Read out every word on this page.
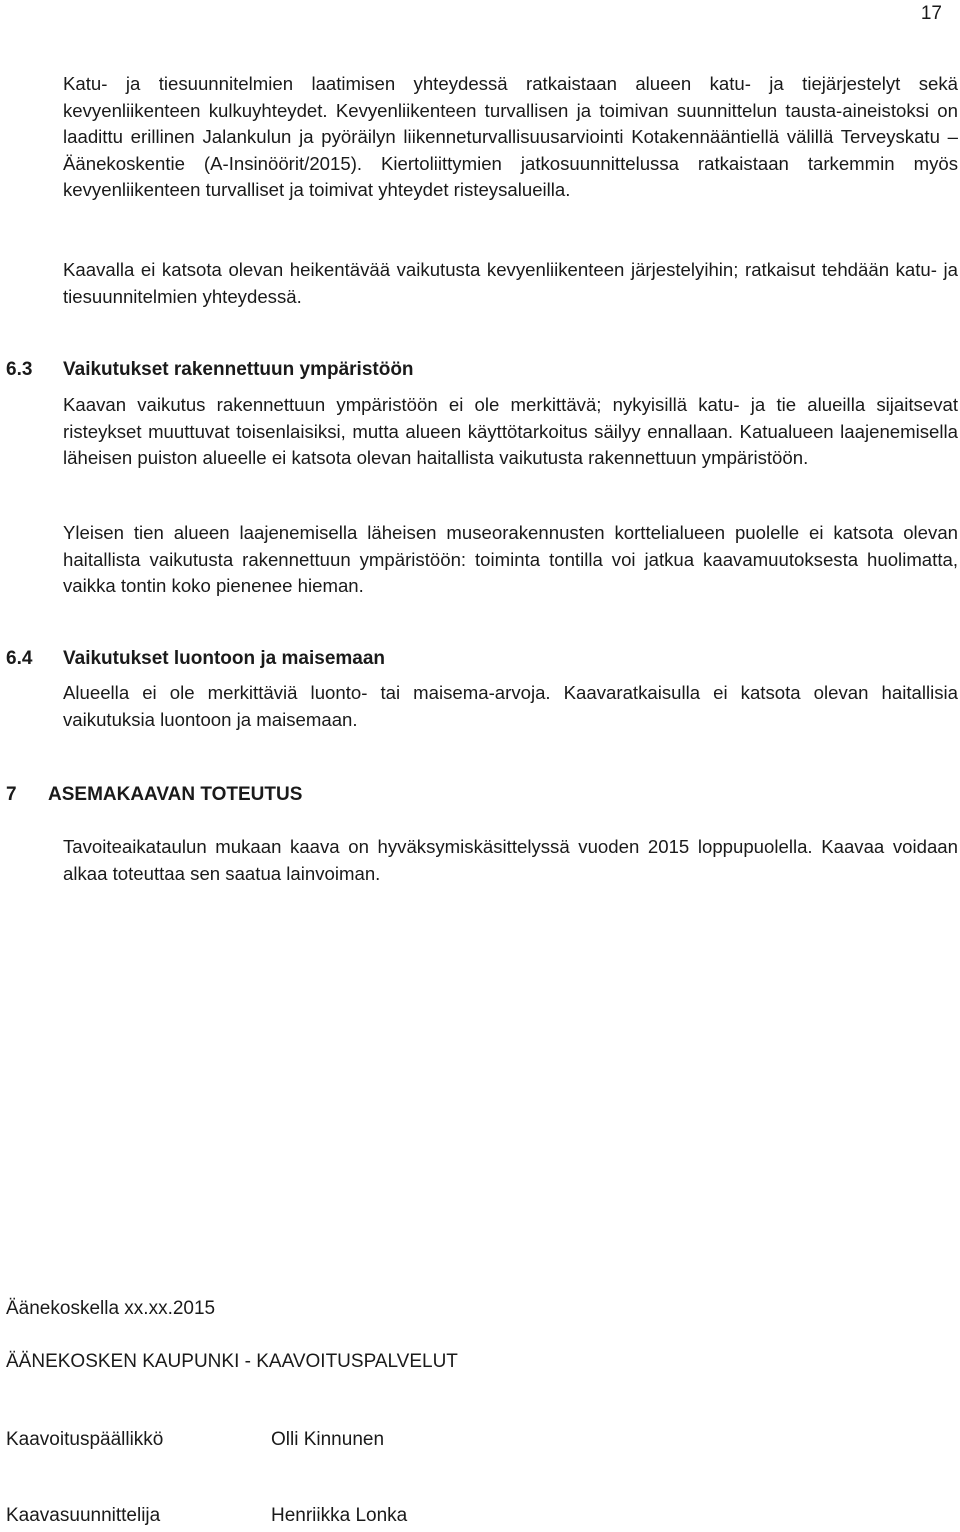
17

Katu- ja tiesuunnitelmien laatimisen yhteydessä ratkaistaan alueen katu- ja tiejärjestelyt sekä kevyenliikenteen kulkuyhteydet. Kevyenliikenteen turvallisen ja toimivan suunnittelun tausta-aineistoksi on laadittu erillinen Jalankulun ja pyöräilyn liikenneturvallisuusarviointi Kotakennääntiellä välillä Terveyskatu – Äänekoskentie (A-Insinöörit/2015). Kiertoliittymien jatkosuunnittelussa ratkaistaan tarkemmin myös kevyenliikenteen turvalliset ja toimivat yhteydet risteysalueilla.

Kaavalla ei katsota olevan heikentävää vaikutusta kevyenliikenteen järjestelyihin; ratkaisut tehdään katu- ja tiesuunnitelmien yhteydessä.

6.3 Vaikutukset rakennettuun ympäristöön

Kaavan vaikutus rakennettuun ympäristöön ei ole merkittävä; nykyisillä katu- ja tie alueilla sijaitsevat risteykset muuttuvat toisenlaisiksi, mutta alueen käyttötarkoitus säilyy ennallaan. Katualueen laajenemisella läheisen puiston alueelle ei katsota olevan haitallista vaikutusta rakennettuun ympäristöön.

Yleisen tien alueen laajenemisella läheisen museorakennusten korttelialueen puolelle ei katsota olevan haitallista vaikutusta rakennettuun ympäristöön: toiminta tontilla voi jatkua kaavamuutoksesta huolimatta, vaikka tontin koko pienenee hieman.

6.4 Vaikutukset luontoon ja maisemaan

Alueella ei ole merkittäviä luonto- tai maisema-arvoja. Kaavaratkaisulla ei katsota olevan haitallisia vaikutuksia luontoon ja maisemaan.

7 ASEMAKAAVAN TOTEUTUS

Tavoiteaikataulun mukaan kaava on hyväksymiskäsittelyssä vuoden 2015 loppupuolella. Kaavaa voidaan alkaa toteuttaa sen saatua lainvoiman.

Äänekoskella xx.xx.2015
ÄÄNEKOSKEN KAUPUNKI - KAAVOITUSPALVELUT
Kaavoituspäällikkö	Olli Kinnunen
Kaavasuunnittelija	Henriikka Lonka
